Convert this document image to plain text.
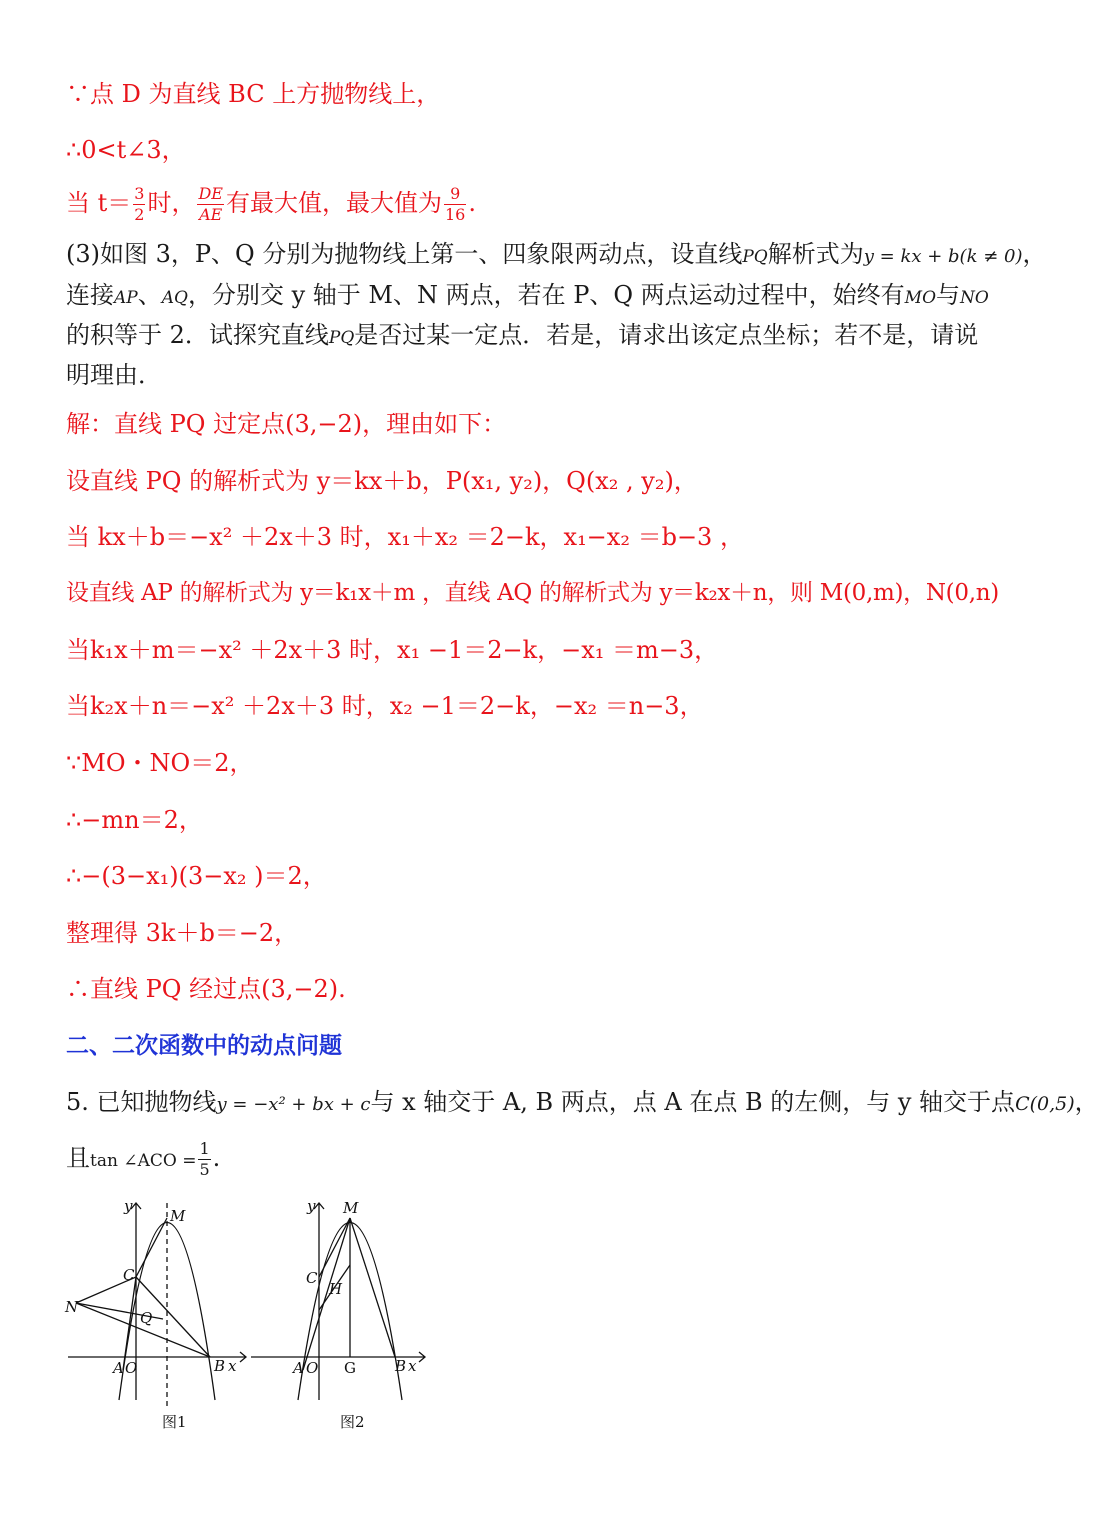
∵点 D 为直线 BC 上方抛物线上，
∴0<t∠3，
当 $t= \frac{3}{2}$ 时， $\frac{DE}{AE}$ 有最大值，最大值为 $\frac{9}{16}$ .
(3)如图 3，P、Q 分别为抛物线上第一、四象限两动点，设直线PQ解析式为y = kx + b(k ≠ 0)，
连接AP、AQ，分别交 y 轴于 M、N 两点，若在 P、Q 两点运动过程中，始终有MO与NO
的积等于 2．试探究直线PQ是否过某一定点．若是，请求出该定点坐标；若不是，请说
明理由．
解：直线 PQ 过定点(3,−2)，理由如下：
设直线 PQ 的解析式为 y＝kx＋b，P(x₁, y₂)，Q(x₂ , y₂)，
当 kx＋b＝−x² ＋2x＋3 时，x₁＋x₂ ＝2−k，x₁−x₂ ＝b−3 ，
设直线 AP 的解析式为 y＝k₁x＋m ，直线 AQ 的解析式为 y＝k₂x＋n，则 M(0,m)，N(0,n)
当k₁x＋m＝−x² ＋2x＋3 时，x₁ −1＝2−k，−x₁ ＝m−3，
当k₂x＋n＝−x² ＋2x＋3 时，x₂ −1＝2−k，−x₂ ＝n−3，
∵MO・NO＝2，
∴−mn＝2，
∴−(3−x₁)(3−x₂ )＝2，
整理得 3k＋b＝−2，
∴直线 PQ 经过点(3,−2).
二、二次函数中的动点问题
5. 已知抛物线y = −x² + bx + c与 x 轴交于 A, B 两点，点 A 在点 B 的左侧，与 y 轴交于点C(0,5)，
且tan ∠ACO = $\frac{1}{5}$ .
y
M
C
N
Q
A O	B x
图1
y M
C
H
A O G	B x
图2
